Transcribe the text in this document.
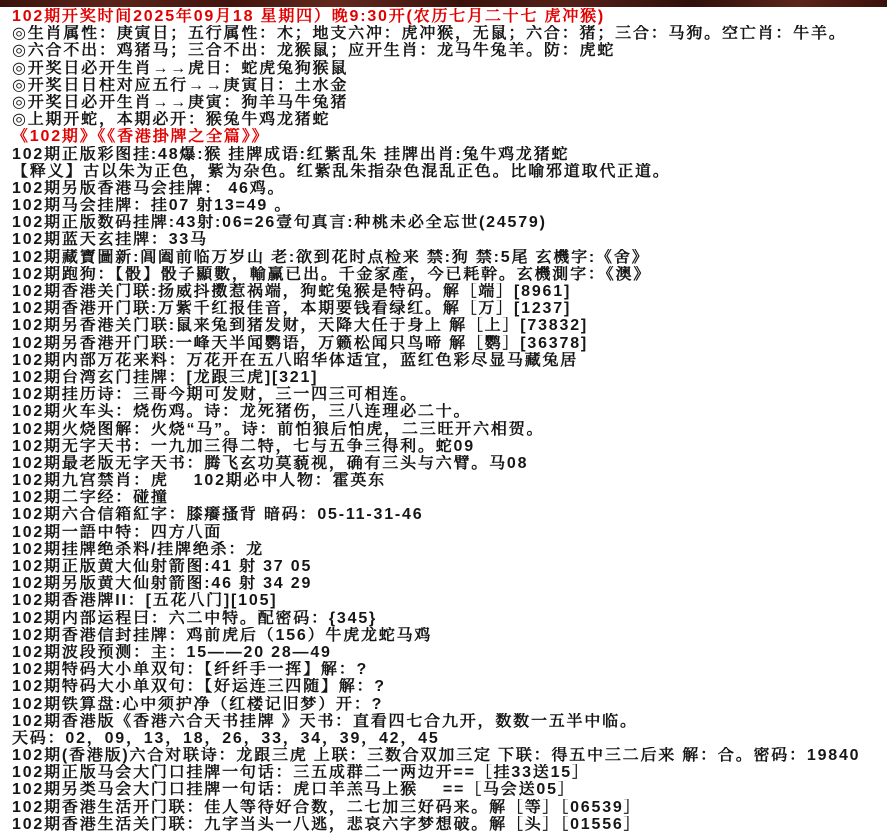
102期开奖时间2025年09月18 星期四）晚9:30开(农历七月二十七 虎冲猴)
◎生肖属性：庚寅日；五行属性：木；地支六冲：虎冲猴，无鼠；六合：猪；三合：马狗。空亡肖：牛羊。
◎六合不出：鸡猪马；三合不出：龙猴鼠；应开生肖：龙马牛兔羊。防：虎蛇
◎开奖日必开生肖→→虎日：蛇虎兔狗猴鼠
◎开奖日日柱对应五行→→庚寅日：土水金
◎开奖日必开生肖→→庚寅：狗羊马牛兔猪
◎上期开蛇，本期必开：猴兔牛鸡龙猪蛇
《102期》《《香港掛牌之全篇》》
102期正版彩图挂:48爆:猴 挂牌成语:红紫乱朱 挂牌出肖:兔牛鸡龙猪蛇
【释义】古以朱为正色，紫为杂色。红紫乱朱指杂色混乱正色。比喻邪道取代正道。
102期另版香港马会挂牌： 46鸡。
102期马会挂牌：挂07 射13=49 。
102期正版数码挂牌:43射:06=26壹句真言:种桃未必全忘世(24579)
102期蓝天玄挂牌：33马
102期藏寶圖新:阊阖前临万岁山 老:欲到花时点检来 禁:狗 禁:5尾 玄機字:《舍》
102期跑狗：【骰】骰子顯數，輸赢已出。千金家產，今已耗幹。玄機測字：《澳》
102期香港关门联:扬威抖擞惹祸端，狗蛇兔猴是特码。解［端］[8961]
102期香港开门联:万紫千红报佳音，本期要钱看绿红。解［万］[1237]
102期另香港关门联:鼠来兔到猪发财，天降大任于身上 解［上］[73832]
102期另香港开门联:一峰天半闻鹦语，万籁松闻只鸟啼 解［鹦］[36378]
102期内部万花来料：万花开在五八昭华体适宜，蓝红色彩尽显马藏兔居
102期台湾玄门挂牌：[龙跟三虎][321]
102期挂历诗：三哥今期可发财，三一四三可相连。
102期火车头：烧伤鸡。诗：龙死猪伤，三八连理必二十。
102期火烧图解：火烧“马”。诗：前怕狼后怕虎，二三旺开六相贺。
102期无字天书：一九加三得二特，七与五争三得利。蛇09
102期最老版无字天书：腾飞玄功莫藐视，确有三头与六臂。马08
102期九宫禁肖：虎    102期必中人物：霍英东
102期二字经：碰撞
102期六合信箱紅字：膝癢搔背 暗码：05-11-31-46
102期一語中特：四方八面
102期挂牌绝杀料/挂牌绝杀：龙
102期正版黄大仙射箭图:41 射 37 05
102期另版黄大仙射箭图:46 射 34 29
102期香港牌II：[五花八门][105]
102期内部运程曰：六二中特。配密码：{345}
102期香港信封挂牌：鸡前虎后（156）牛虎龙蛇马鸡
102期波段预测：主：15——20 28—49
102期特码大小单双句：【纤纤手一挥】解：?
102期特码大小单双句：【好运连三四随】解：?
102期铁算盘:心中须护净（红楼记旧梦）开：?
102期香港版《香港六合天书挂牌 》天书：直看四七合九开，数数一五半中临。
天码：02，09，13，18，26，33，34，39，42，45
102期(香港版)六合对联诗：龙跟三虎 上联：三数合双加三定 下联：得五中三二后来 解：合。密码：19840
102期正版马会大门口挂牌一句话：三五成群二一两边开==［挂33送15］
102期另类马会大门口挂牌一句话：虎口羊羔马上猴    ==［马会送05］
102期香港生活开门联：佳人等待好合数，二七加三好码来。解［等］［06539］
102期香港生活关门联：九字当头一八逃，悲哀六字梦想破。解［头］［01556］
